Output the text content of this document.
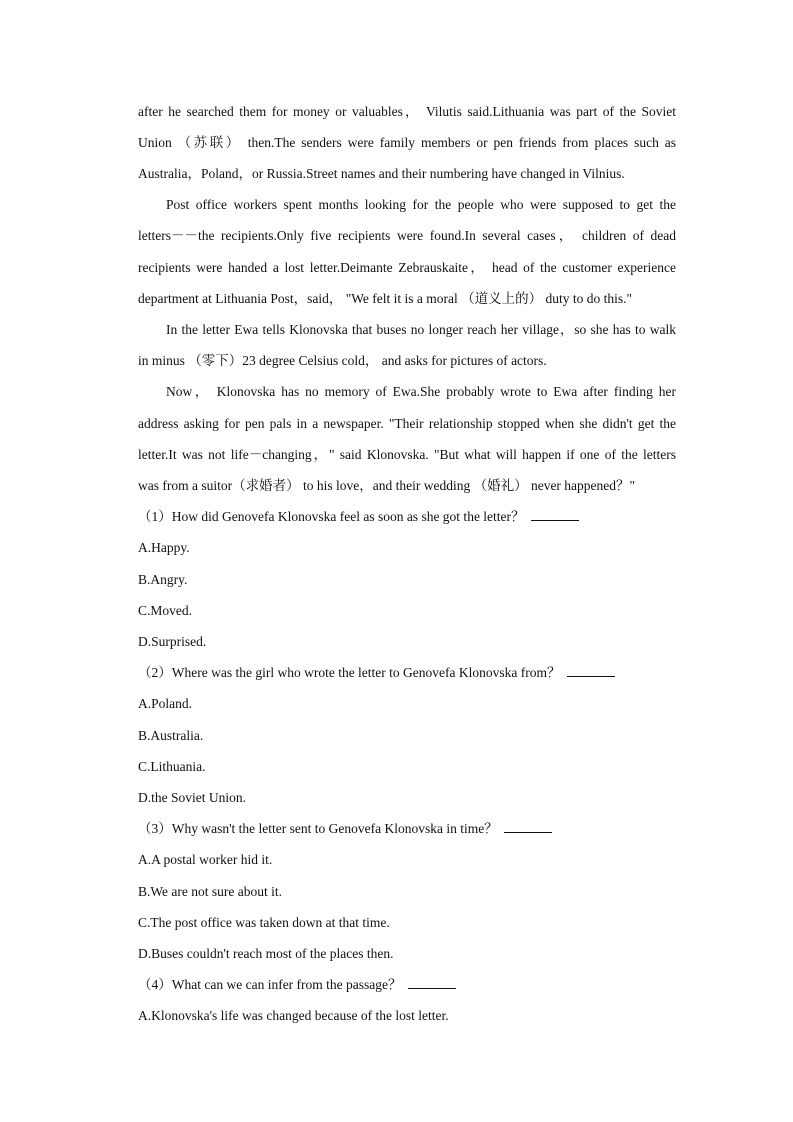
after he searched them for money or valuables， Vilutis said.Lithuania was part of the Soviet
Union （苏联） then.The senders were family members or pen friends from places such as
Australia，Poland，or Russia.Street names and their numbering have changed in Vilnius.
Post office workers spent months looking for the people who were supposed to get the
letters－－the recipients.Only five recipients were found.In several cases， children of dead
recipients were handed a lost letter.Deimante Zebrauskaite， head of the customer experience
department at Lithuania Post，said， "We felt it is a moral （道义上的） duty to do this."
In the letter Ewa tells Klonovska that buses no longer reach her village，so she has to walk
in minus （零下）23 degree Celsius cold， and asks for pictures of actors.
Now， Klonovska has no memory of Ewa.She probably wrote to Ewa after finding her
address asking for pen pals in a newspaper. "Their relationship stopped when she didn't get the
letter.It was not life－changing，" said Klonovska. "But what will happen if one of the letters
was from a suitor（求婚者） to his love，and their wedding （婚礼） never happened？"
（1）How did Genovefa Klonovska feel as soon as she got the letter？
A.Happy.
B.Angry.
C.Moved.
D.Surprised.
（2）Where was the girl who wrote the letter to Genovefa Klonovska from？
A.Poland.
B.Australia.
C.Lithuania.
D.the Soviet Union.
（3）Why wasn't the letter sent to Genovefa Klonovska in time？
A.A postal worker hid it.
B.We are not sure about it.
C.The post office was taken down at that time.
D.Buses couldn't reach most of the places then.
（4）What can we can infer from the passage？
A.Klonovska's life was changed because of the lost letter.
